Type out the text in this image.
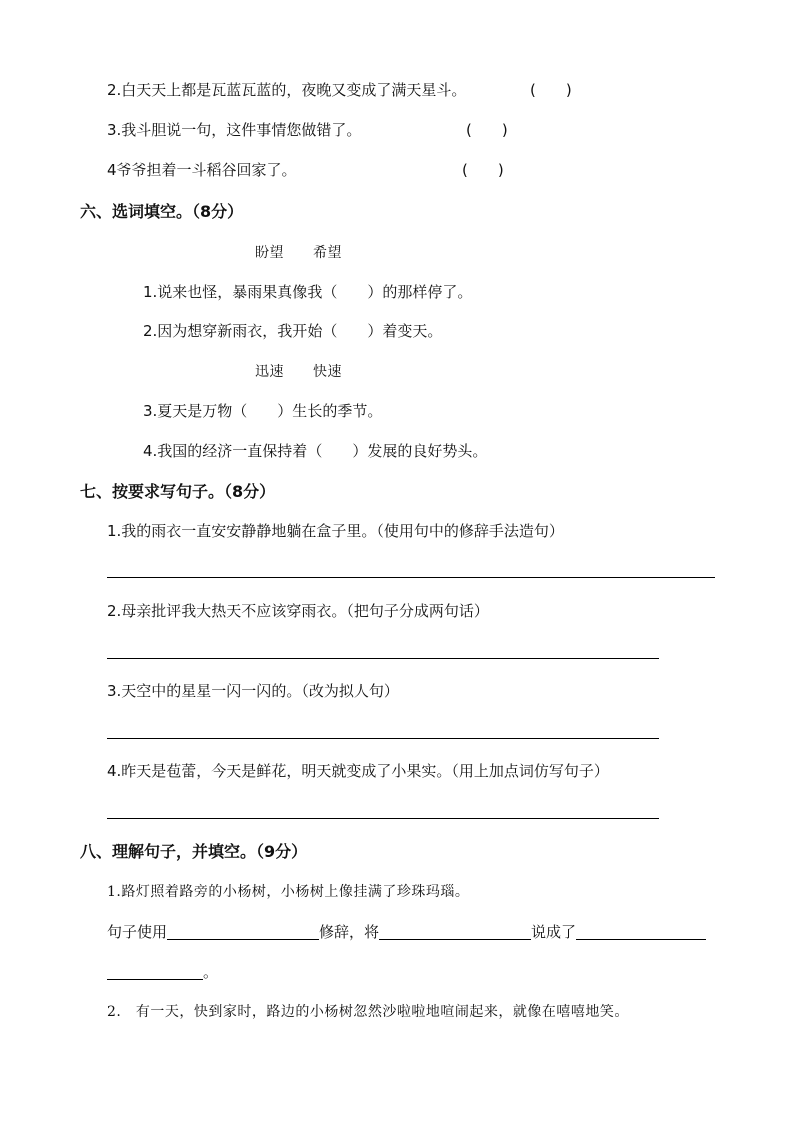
2.白天天上都是瓦蓝瓦蓝的，夜晚又变成了满天星斗。	(　　)
3.我斗胆说一句，这件事情您做错了。	(　　)
4爷爷担着一斗稻谷回家了。	(　　)
六、选词填空。（8分）
盼望　　希望
1.说来也怪，暴雨果真像我（　　）的那样停了。
2.因为想穿新雨衣，我开始（　　）着变天。
迅速　　快速
3.夏天是万物（　　）生长的季节。
4.我国的经济一直保持着（　　）发展的良好势头。
七、按要求写句子。（8分）
1.我的雨衣一直安安静静地躺在盒子里。（使用句中的修辞手法造句）
2.母亲批评我大热天不应该穿雨衣。（把句子分成两句话）
3.天空中的星星一闪一闪的。（改为拟人句）
4.昨天是苞蕾，今天是鲜花，明天就变成了小果实。（用上加点词仿写句子）
八、理解句子，并填空。（9分）
1.路灯照着路旁的小杨树，小杨树上像挂满了珍珠玛瑙。
句子使用	修辞，将	说成了
。
2.　有一天，快到家时，路边的小杨树忽然沙啦啦地喧闹起来，就像在嘻嘻地笑。
